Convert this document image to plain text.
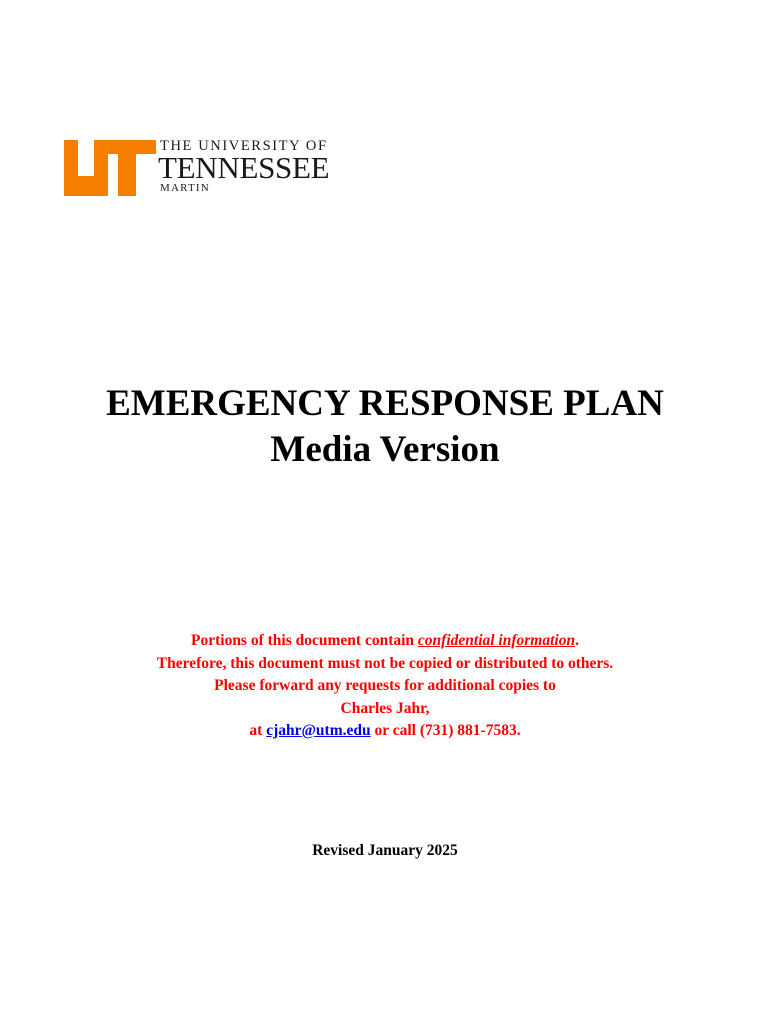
THE UNIVERSITY OF
TENNESSEE
MARTIN
EMERGENCY RESPONSE PLAN
Media Version
Portions of this document contain confidential information.
Therefore, this document must not be copied or distributed to others.
Please forward any requests for additional copies to
Charles Jahr,
at cjahr@utm.edu or call (731) 881-7583.
Revised January 2025
